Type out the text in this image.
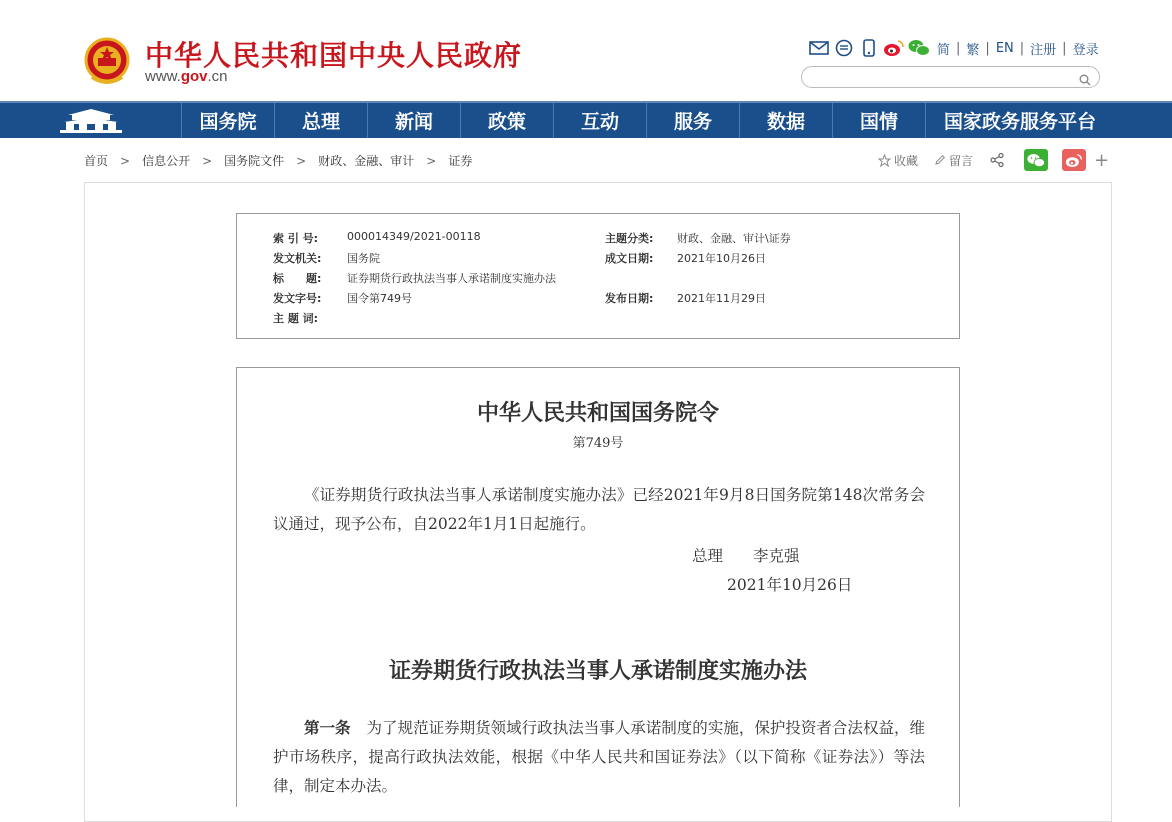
中华人民共和国中央人民政府
www.gov.cn
简 | 繁 | EN | 注册 | 登录
国务院	总理	新闻	政策	互动	服务	数据	国情	国家政务服务平台
首页 > 信息公开 > 国务院文件 > 财政、金融、审计 > 证券	收藏	留言	+
索 引 号:	000014349/2021-00118	主题分类: 财政、金融、审计\证券
发文机关: 国务院	成文日期: 2021年10月26日
标　　题: 证券期货行政执法当事人承诺制度实施办法
发文字号: 国令第749号	发布日期: 2021年11月29日
主 题 词:
中华人民共和国国务院令
第749号
《证券期货行政执法当事人承诺制度实施办法》已经2021年9月8日国务院第148次常务会议通过，现予公布，自2022年1月1日起施行。
总理 李克强
2021年10月26日
证券期货行政执法当事人承诺制度实施办法
第一条 为了规范证券期货领域行政执法当事人承诺制度的实施，保护投资者合法权益，维护市场秩序，提高行政执法效能，根据《中华人民共和国证券法》（以下简称《证券法》）等法律，制定本办法。
